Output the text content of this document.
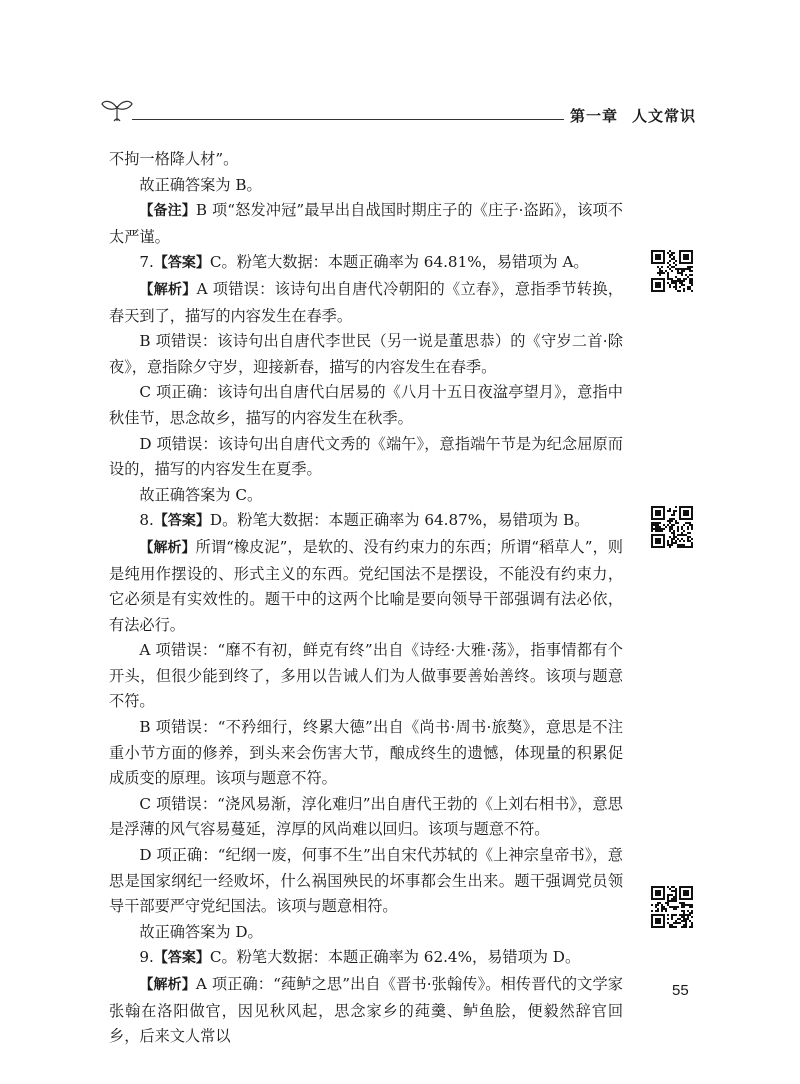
第一章 人文常识

不拘一格降人材”。

故正确答案为 B。

【备注】B 项“怒发冲冠”最早出自战国时期庄子的《庄子·盗跖》，该项不太严谨。

7.【答案】C。粉笔大数据：本题正确率为 64.81%，易错项为 A。

【解析】A 项错误：该诗句出自唐代冷朝阳的《立春》，意指季节转换，春天到了，描写的内容发生在春季。

B 项错误：该诗句出自唐代李世民（另一说是董思恭）的《守岁二首·除夜》，意指除夕守岁，迎接新春，描写的内容发生在春季。

C 项正确：该诗句出自唐代白居易的《八月十五日夜湓亭望月》，意指中秋佳节，思念故乡，描写的内容发生在秋季。

D 项错误：该诗句出自唐代文秀的《端午》，意指端午节是为纪念屈原而设的，描写的内容发生在夏季。

故正确答案为 C。

8.【答案】D。粉笔大数据：本题正确率为 64.87%，易错项为 B。

【解析】所谓“橡皮泥”，是软的、没有约束力的东西；所谓“稻草人”，则是纯用作摆设的、形式主义的东西。党纪国法不是摆设，不能没有约束力，它必须是有实效性的。题干中的这两个比喻是要向领导干部强调有法必依，有法必行。

A 项错误：“靡不有初，鲜克有终”出自《诗经·大雅·荡》，指事情都有个开头，但很少能到终了，多用以告诫人们为人做事要善始善终。该项与题意不符。

B 项错误：“不矜细行，终累大德”出自《尚书·周书·旅獒》，意思是不注重小节方面的修养，到头来会伤害大节，酿成终生的遗憾，体现量的积累促成质变的原理。该项与题意不符。

C 项错误：“浇风易渐，淳化难归”出自唐代王勃的《上刘右相书》，意思是浮薄的风气容易蔓延，淳厚的风尚难以回归。该项与题意不符。

D 项正确：“纪纲一废，何事不生”出自宋代苏轼的《上神宗皇帝书》，意思是国家纲纪一经败坏，什么祸国殃民的坏事都会生出来。题干强调党员领导干部要严守党纪国法。该项与题意相符。

故正确答案为 D。

9.【答案】C。粉笔大数据：本题正确率为 62.4%，易错项为 D。

【解析】A 项正确：“莼鲈之思”出自《晋书·张翰传》。相传晋代的文学家张翰在洛阳做官，因见秋风起，思念家乡的莼羹、鲈鱼脍，便毅然辞官回乡，后来文人常以

55
